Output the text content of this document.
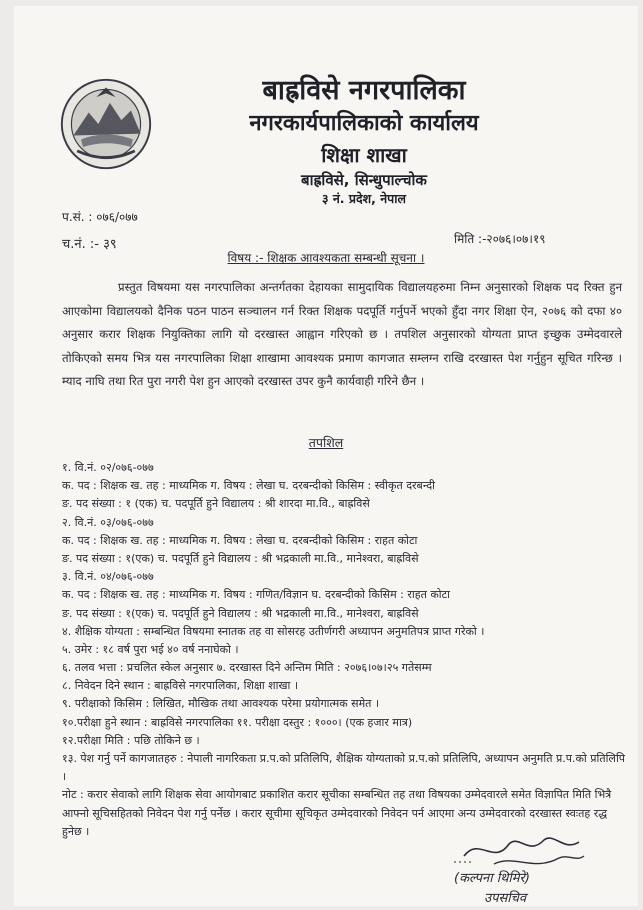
बाह्रविसे नगरपालिका
नगरकार्यपालिकाको कार्यालय
शिक्षा शाखा
बाह्रविसे, सिन्धुपाल्चोक
३ नं. प्रदेश, नेपाल
प.सं. : ०७६/०७७
च.नं. :- ३९	मिति :-२०७६।०७।१९
विषय :- शिक्षक आवश्यकता सम्बन्धी सूचना ।

प्रस्तुत विषयमा यस नगरपालिका अन्तर्गतका देहायका सामुदायिक विद्यालयहरुमा निम्न अनुसारको शिक्षक पद रिक्त हुन आएकोमा विद्यालयको दैनिक पठन पाठन सञ्चालन गर्न रिक्त शिक्षक पदपूर्ति गर्नुपर्ने भएको हुँदा नगर शिक्षा ऐन, २०७६ को दफा ४० अनुसार करार शिक्षक नियुक्तिका लागि यो दरखास्त आह्वान गरिएको छ । तपशिल अनुसारको योग्यता प्राप्त इच्छुक उम्मेदवारले तोकिएको समय भित्र यस नगरपालिका शिक्षा शाखामा आवश्यक प्रमाण कागजात सम्लग्न राखि दरखास्त पेश गर्नुहुन सूचित गरिन्छ । म्याद नाघि तथा रित पुरा नगरी पेश हुन आएको दरखास्त उपर कुनै कार्यवाही गरिने छैन ।

तपशिल
१. वि.नं. ०२/०७६-०७७
क. पद : शिक्षक ख. तह : माध्यमिक ग. विषय : लेखा घ. दरबन्दीको किसिम : स्वीकृत दरबन्दी
ङ. पद संख्या : १ (एक) च. पदपूर्ति हुने विद्यालय : श्री शारदा मा.वि., बाह्रविसे
२. वि.नं. ०३/०७६-०७७
क. पद : शिक्षक ख. तह : माध्यमिक ग. विषय : लेखा घ. दरबन्दीको किसिम : राहत कोटा
ङ. पद संख्या : १(एक) च. पदपूर्ति हुने विद्यालय : श्री भद्रकाली मा.वि., मानेश्वरा, बाह्रविसे
३. वि.नं. ०४/०७६-०७७
क. पद : शिक्षक ख. तह : माध्यमिक ग. विषय : गणित/विज्ञान घ. दरबन्दीको किसिम : राहत कोटा
ङ. पद संख्या : १(एक) च. पदपूर्ति हुने विद्यालय : श्री भद्रकाली मा.वि., मानेश्वरा, बाह्रविसे
४. शैक्षिक योग्यता : सम्बन्धित विषयमा स्नातक तह वा सोसरह उतीर्णगरी अध्यापन अनुमतिपत्र प्राप्त गरेको ।
५. उमेर : १८ वर्ष पुरा भई ४० वर्ष ननाघेको ।
६. तलव भत्ता : प्रचलित स्केल अनुसार ७. दरखास्त दिने अन्तिम मिति : २०७६।०७।२५ गतेसम्म
८. निवेदन दिने स्थान : बाह्रविसे नगरपालिका, शिक्षा शाखा ।
९. परीक्षाको किसिम : लिखित, मौखिक तथा आवश्यक परेमा प्रयोगात्मक समेत ।
१०.परीक्षा हुने स्थान : बाह्रविसे नगरपालिका ११. परीक्षा दस्तुर : १०००। (एक हजार मात्र)
१२.परीक्षा मिति : पछि तोकिने छ ।
१३. पेश गर्नु पर्ने कागजातहरु : नेपाली नागरिकता प्र.प.को प्रतिलिपि, शैक्षिक योग्यताको प्र.प.को प्रतिलिपि, अध्यापन अनुमति प्र.प.को प्रतिलिपि ।
नोट : करार सेवाको लागि शिक्षक सेवा आयोगबाट प्रकाशित करार सूचीका सम्बन्धित तह तथा विषयका उम्मेदवारले समेत विज्ञापित मिति भित्रै आफ्नो सूचिसहितको निवेदन पेश गर्नु पर्नेछ । करार सूचीमा सूचिकृत उम्मेदवारको निवेदन पर्न आएमा अन्य उम्मेदवारको दरखास्त स्वःतह रद्ध हुनेछ ।
(कल्पना थिमिरे)
उपसचिव
